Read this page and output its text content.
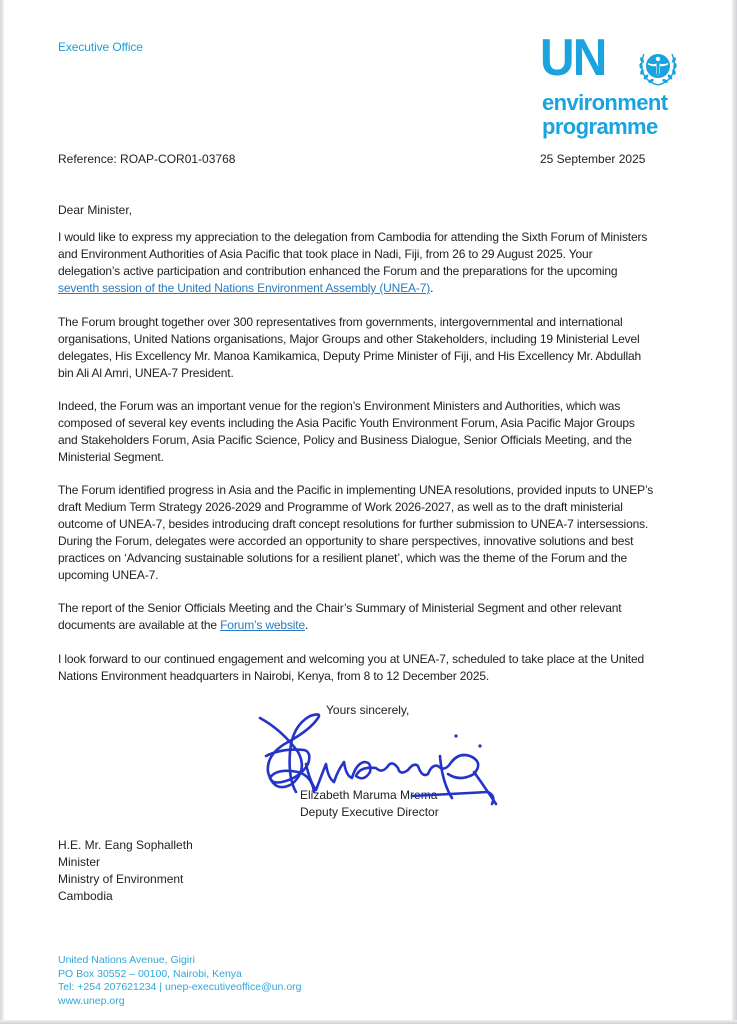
Executive Office	UN
environment
programme
Reference: ROAP-COR01-03768	25 September 2025
Dear Minister,
I would like to express my appreciation to the delegation from Cambodia for attending the Sixth Forum of Ministers
and Environment Authorities of Asia Pacific that took place in Nadi, Fiji, from 26 to 29 August 2025. Your
delegation’s active participation and contribution enhanced the Forum and the preparations for the upcoming
seventh session of the United Nations Environment Assembly (UNEA-7).
The Forum brought together over 300 representatives from governments, intergovernmental and international
organisations, United Nations organisations, Major Groups and other Stakeholders, including 19 Ministerial Level
delegates, His Excellency Mr. Manoa Kamikamica, Deputy Prime Minister of Fiji, and His Excellency Mr. Abdullah
bin Ali Al Amri, UNEA-7 President.
Indeed, the Forum was an important venue for the region’s Environment Ministers and Authorities, which was
composed of several key events including the Asia Pacific Youth Environment Forum, Asia Pacific Major Groups
and Stakeholders Forum, Asia Pacific Science, Policy and Business Dialogue, Senior Officials Meeting, and the
Ministerial Segment.
The Forum identified progress in Asia and the Pacific in implementing UNEA resolutions, provided inputs to UNEP’s
draft Medium Term Strategy 2026-2029 and Programme of Work 2026-2027, as well as to the draft ministerial
outcome of UNEA-7, besides introducing draft concept resolutions for further submission to UNEA-7 intersessions.
During the Forum, delegates were accorded an opportunity to share perspectives, innovative solutions and best
practices on ‘Advancing sustainable solutions for a resilient planet’, which was the theme of the Forum and the
upcoming UNEA-7.
The report of the Senior Officials Meeting and the Chair’s Summary of Ministerial Segment and other relevant
documents are available at the Forum’s website.
I look forward to our continued engagement and welcoming you at UNEA-7, scheduled to take place at the United
Nations Environment headquarters in Nairobi, Kenya, from 8 to 12 December 2025.
Yours sincerely,
Elizabeth Maruma Mrema
Deputy Executive Director
H.E. Mr. Eang Sophalleth
Minister
Ministry of Environment
Cambodia
United Nations Avenue, Gigiri
PO Box 30552 – 00100, Nairobi, Kenya
Tel: +254 207621234 | unep-executiveoffice@un.org
www.unep.org
